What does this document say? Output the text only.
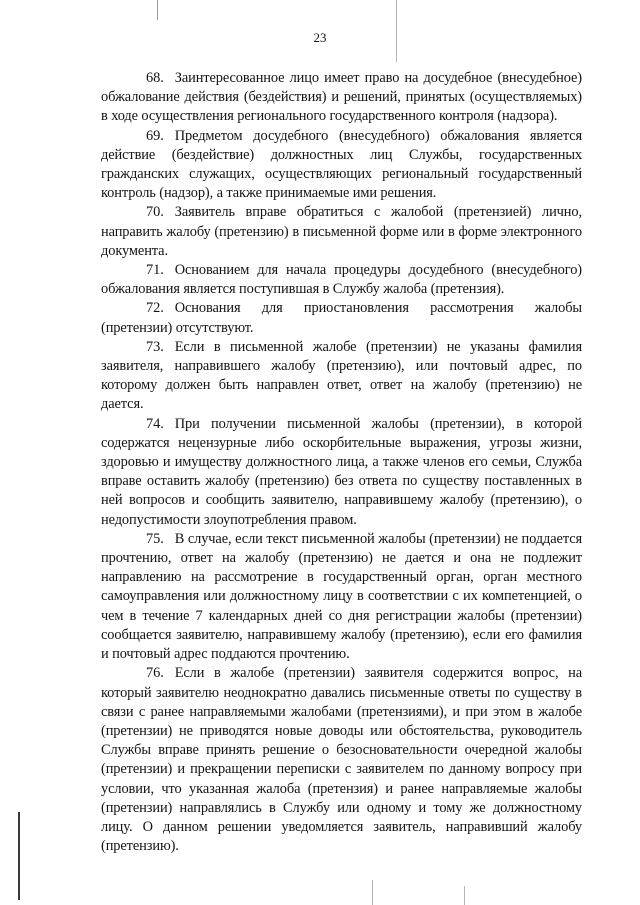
23

68. Заинтересованное лицо имеет право на досудебное (внесудебное) обжалование действия (бездействия) и решений, принятых (осуществляемых) в ходе осуществления регионального государственного контроля (надзора).

69. Предметом досудебного (внесудебного) обжалования является действие (бездействие) должностных лиц Службы, государственных гражданских служащих, осуществляющих региональный государственный контроль (надзор), а также принимаемые ими решения.

70. Заявитель вправе обратиться с жалобой (претензией) лично, направить жалобу (претензию) в письменной форме или в форме электронного документа.

71. Основанием для начала процедуры досудебного (внесудебного) обжалования является поступившая в Службу жалоба (претензия).

72. Основания для приостановления рассмотрения жалобы (претензии) отсутствуют.

73. Если в письменной жалобе (претензии) не указаны фамилия заявителя, направившего жалобу (претензию), или почтовый адрес, по которому должен быть направлен ответ, ответ на жалобу (претензию) не дается.

74. При получении письменной жалобы (претензии), в которой содержатся нецензурные либо оскорбительные выражения, угрозы жизни, здоровью и имуществу должностного лица, а также членов его семьи, Служба вправе оставить жалобу (претензию) без ответа по существу поставленных в ней вопросов и сообщить заявителю, направившему жалобу (претензию), о недопустимости злоупотребления правом.

75. В случае, если текст письменной жалобы (претензии) не поддается прочтению, ответ на жалобу (претензию) не дается и она не подлежит направлению на рассмотрение в государственный орган, орган местного самоуправления или должностному лицу в соответствии с их компетенцией, о чем в течение 7 календарных дней со дня регистрации жалобы (претензии) сообщается заявителю, направившему жалобу (претензию), если его фамилия и почтовый адрес поддаются прочтению.

76. Если в жалобе (претензии) заявителя содержится вопрос, на который заявителю неоднократно давались письменные ответы по существу в связи с ранее направляемыми жалобами (претензиями), и при этом в жалобе (претензии) не приводятся новые доводы или обстоятельства, руководитель Службы вправе принять решение о безосновательности очередной жалобы (претензии) и прекращении переписки с заявителем по данному вопросу при условии, что указанная жалоба (претензия) и ранее направляемые жалобы (претензии) направлялись в Службу или одному и тому же должностному лицу. О данном решении уведомляется заявитель, направивший жалобу (претензию).
